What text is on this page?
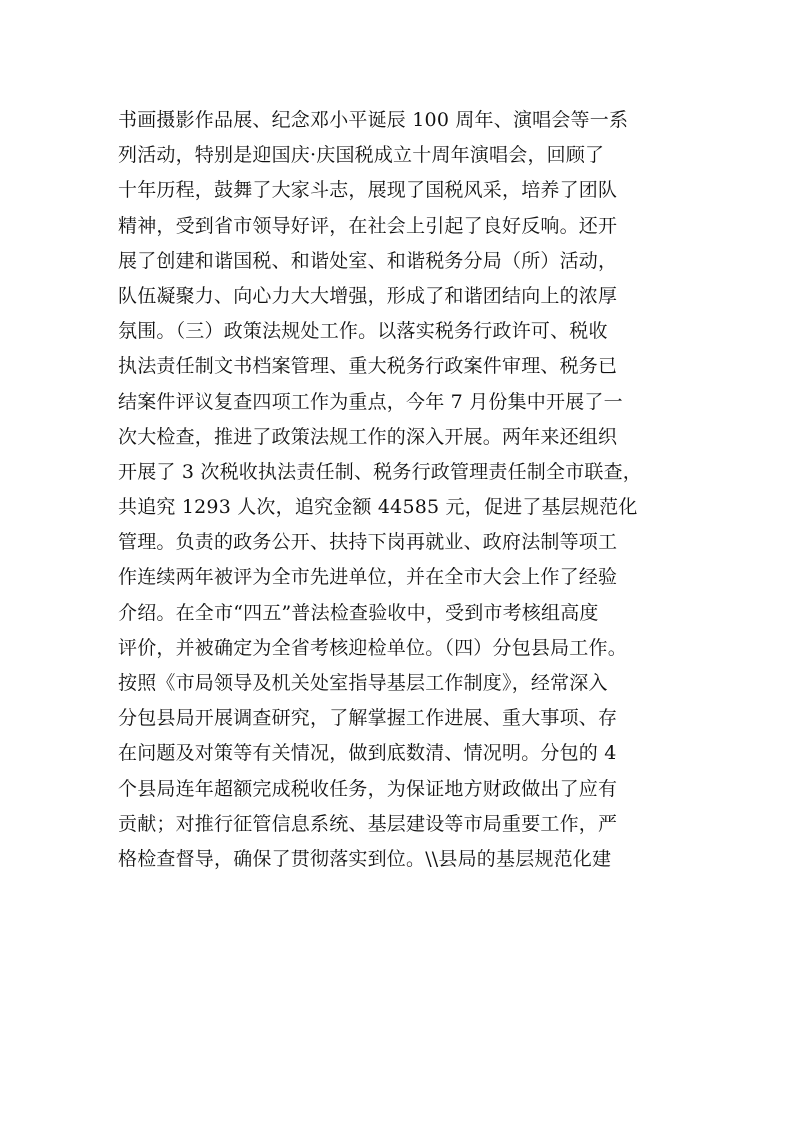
书画摄影作品展、纪念邓小平诞辰 100 周年、演唱会等一系
列活动，特别是迎国庆·庆国税成立十周年演唱会，回顾了
十年历程，鼓舞了大家斗志，展现了国税风采，培养了团队
精神，受到省市领导好评，在社会上引起了良好反响。还开
展了创建和谐国税、和谐处室、和谐税务分局（所）活动，
队伍凝聚力、向心力大大增强，形成了和谐团结向上的浓厚
氛围。（三）政策法规处工作。以落实税务行政许可、税收
执法责任制文书档案管理、重大税务行政案件审理、税务已
结案件评议复查四项工作为重点，今年 7 月份集中开展了一
次大检查，推进了政策法规工作的深入开展。两年来还组织
开展了 3 次税收执法责任制、税务行政管理责任制全市联查，
共追究 1293 人次，追究金额 44585 元，促进了基层规范化
管理。负责的政务公开、扶持下岗再就业、政府法制等项工
作连续两年被评为全市先进单位，并在全市大会上作了经验
介绍。在全市“四五”普法检查验收中，受到市考核组高度
评价，并被确定为全省考核迎检单位。（四）分包县局工作。
按照《市局领导及机关处室指导基层工作制度》，经常深入
分包县局开展调查研究，了解掌握工作进展、重大事项、存
在问题及对策等有关情况，做到底数清、情况明。分包的 4
个县局连年超额完成税收任务，为保证地方财政做出了应有
贡献；对推行征管信息系统、基层建设等市局重要工作，严
格检查督导，确保了贯彻落实到位。\\县局的基层规范化建
